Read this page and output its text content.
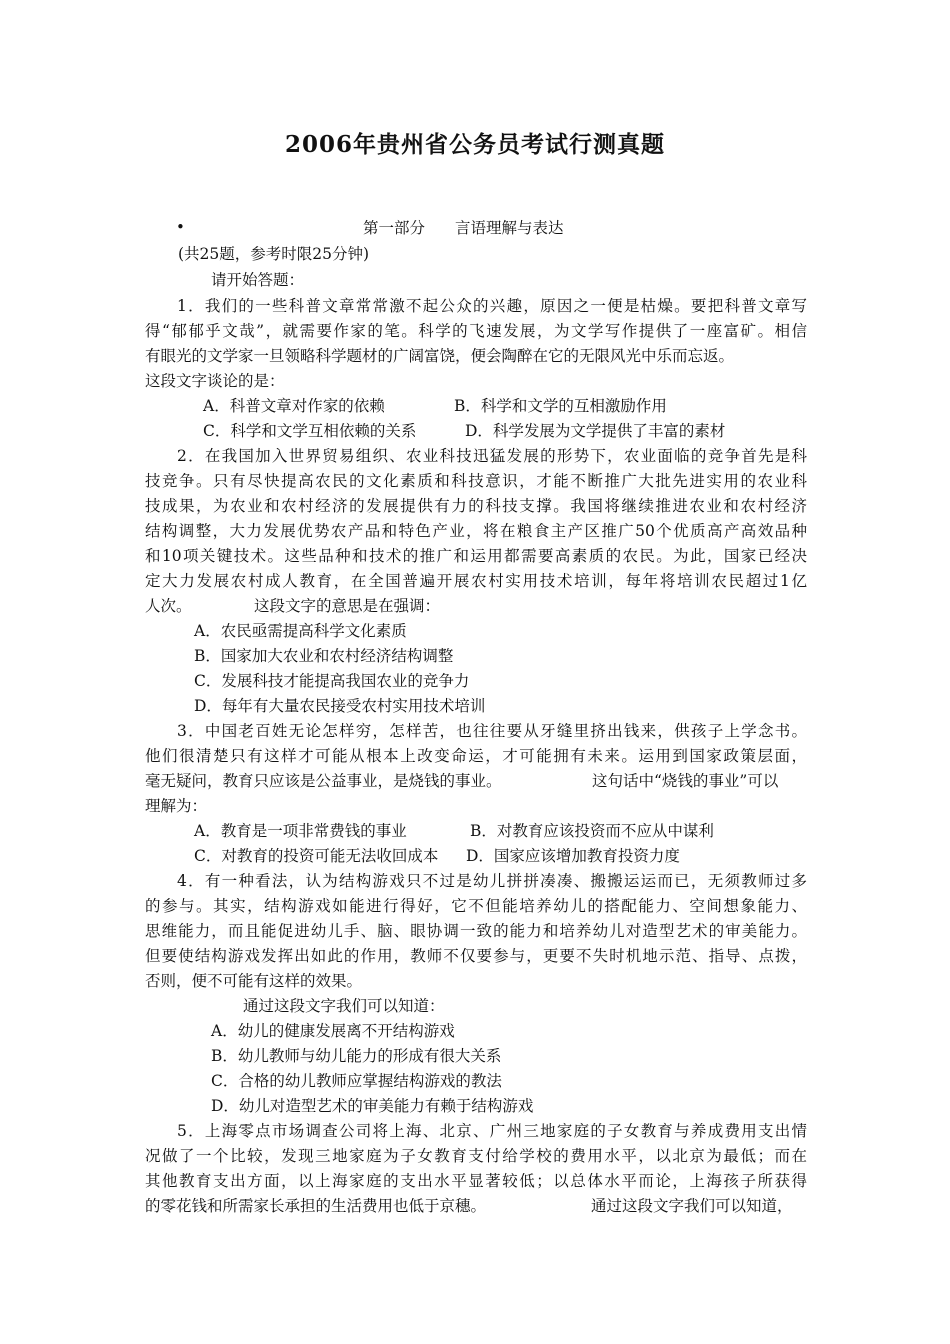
2006年贵州省公务员考试行测真题
•	第一部分 言语理解与表达
(共25题，参考时限25分钟)
请开始答题：
1．我们的一些科普文章常常激不起公众的兴趣，原因之一便是枯燥。要把科普文章写
得“郁郁乎文哉”，就需要作家的笔。科学的飞速发展，为文学写作提供了一座富矿。相信
有眼光的文学家一旦领略科学题材的广阔富饶，便会陶醉在它的无限风光中乐而忘返。
这段文字谈论的是：
A．科普文章对作家的依赖	B．科学和文学的互相激励作用
C．科学和文学互相依赖的关系	D．科学发展为文学提供了丰富的素材
2．在我国加入世界贸易组织、农业科技迅猛发展的形势下，农业面临的竞争首先是科
技竞争。只有尽快提高农民的文化素质和科技意识，才能不断推广大批先进实用的农业科
技成果，为农业和农村经济的发展提供有力的科技支撑。我国将继续推进农业和农村经济
结构调整，大力发展优势农产品和特色产业，将在粮食主产区推广50个优质高产高效品种
和10项关键技术。这些品种和技术的推广和运用都需要高素质的农民。为此，国家已经决
定大力发展农村成人教育，在全国普遍开展农村实用技术培训，每年将培训农民超过1亿
人次。	这段文字的意思是在强调：
A．农民亟需提高科学文化素质
B．国家加大农业和农村经济结构调整
C．发展科技才能提高我国农业的竞争力
D．每年有大量农民接受农村实用技术培训
3．中国老百姓无论怎样穷，怎样苦，也往往要从牙缝里挤出钱来，供孩子上学念书。
他们很清楚只有这样才可能从根本上改变命运，才可能拥有未来。运用到国家政策层面，
毫无疑问，教育只应该是公益事业，是烧钱的事业。	这句话中“烧钱的事业”可以
理解为：
A．教育是一项非常费钱的事业	B．对教育应该投资而不应从中谋利
C．对教育的投资可能无法收回成本 D．国家应该增加教育投资力度
4．有一种看法，认为结构游戏只不过是幼儿拼拼凑凑、搬搬运运而已，无须教师过多
的参与。其实，结构游戏如能进行得好，它不但能培养幼儿的搭配能力、空间想象能力、
思维能力，而且能促进幼儿手、脑、眼协调一致的能力和培养幼儿对造型艺术的审美能力。
但要使结构游戏发挥出如此的作用，教师不仅要参与，更要不失时机地示范、指导、点拨，
否则，便不可能有这样的效果。
通过这段文字我们可以知道：
A．幼儿的健康发展离不开结构游戏
B．幼儿教师与幼儿能力的形成有很大关系
C．合格的幼儿教师应掌握结构游戏的教法
D．幼儿对造型艺术的审美能力有赖于结构游戏
5．上海零点市场调查公司将上海、北京、广州三地家庭的子女教育与养成费用支出情
况做了一个比较，发现三地家庭为子女教育支付给学校的费用水平，以北京为最低；而在
其他教育支出方面，以上海家庭的支出水平显著较低；以总体水平而论，上海孩子所获得
的零花钱和所需家长承担的生活费用也低于京穗。	通过这段文字我们可以知道，
